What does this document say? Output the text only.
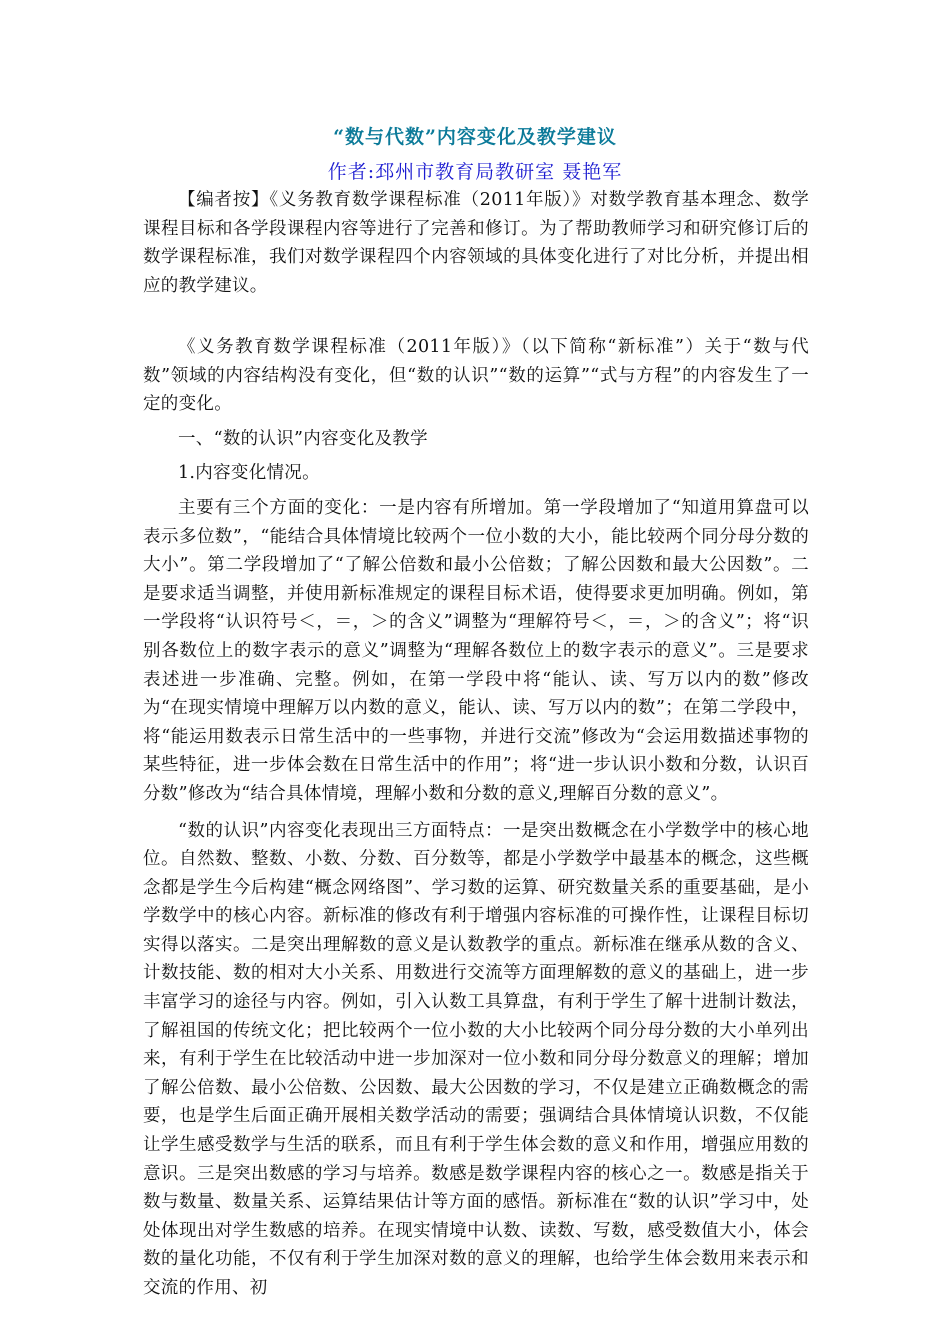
“数与代数”内容变化及教学建议
作者:邳州市教育局教研室 聂艳军

【编者按】《义务教育数学课程标准（2011年版）》对数学教育基本理念、数学课程目标和各学段课程内容等进行了完善和修订。为了帮助教师学习和研究修订后的数学课程标准，我们对数学课程四个内容领域的具体变化进行了对比分析，并提出相应的教学建议。

《义务教育数学课程标准（2011年版）》（以下简称“新标准”）关于“数与代数”领域的内容结构没有变化，但“数的认识”“数的运算”“式与方程”的内容发生了一定的变化。

一、“数的认识”内容变化及教学

1.内容变化情况。

主要有三个方面的变化：一是内容有所增加。第一学段增加了“知道用算盘可以表示多位数”，“能结合具体情境比较两个一位小数的大小，能比较两个同分母分数的大小”。第二学段增加了“了解公倍数和最小公倍数；了解公因数和最大公因数”。二是要求适当调整，并使用新标准规定的课程目标术语，使得要求更加明确。例如，第一学段将“认识符号＜，＝，＞的含义”调整为“理解符号＜，＝，＞的含义”；将“识别各数位上的数字表示的意义”调整为“理解各数位上的数字表示的意义”。三是要求表述进一步准确、完整。例如，在第一学段中将“能认、读、写万以内的数”修改为“在现实情境中理解万以内数的意义，能认、读、写万以内的数”；在第二学段中，将“能运用数表示日常生活中的一些事物，并进行交流”修改为“会运用数描述事物的某些特征，进一步体会数在日常生活中的作用”；将“进一步认识小数和分数，认识百分数”修改为“结合具体情境，理解小数和分数的意义,理解百分数的意义”。

“数的认识”内容变化表现出三方面特点：一是突出数概念在小学数学中的核心地位。自然数、整数、小数、分数、百分数等，都是小学数学中最基本的概念，这些概念都是学生今后构建“概念网络图”、学习数的运算、研究数量关系的重要基础，是小学数学中的核心内容。新标准的修改有利于增强内容标准的可操作性，让课程目标切实得以落实。二是突出理解数的意义是认数教学的重点。新标准在继承从数的含义、计数技能、数的相对大小关系、用数进行交流等方面理解数的意义的基础上，进一步丰富学习的途径与内容。例如，引入认数工具算盘，有利于学生了解十进制计数法，了解祖国的传统文化；把比较两个一位小数的大小比较两个同分母分数的大小单列出来，有利于学生在比较活动中进一步加深对一位小数和同分母分数意义的理解；增加了解公倍数、最小公倍数、公因数、最大公因数的学习，不仅是建立正确数概念的需要，也是学生后面正确开展相关数学活动的需要；强调结合具体情境认识数，不仅能让学生感受数学与生活的联系，而且有利于学生体会数的意义和作用，增强应用数的意识。三是突出数感的学习与培养。数感是数学课程内容的核心之一。数感是指关于数与数量、数量关系、运算结果估计等方面的感悟。新标准在“数的认识”学习中，处处体现出对学生数感的培养。在现实情境中认数、读数、写数，感受数值大小，体会数的量化功能，不仅有利于学生加深对数的意义的理解，也给学生体会数用来表示和交流的作用、初
